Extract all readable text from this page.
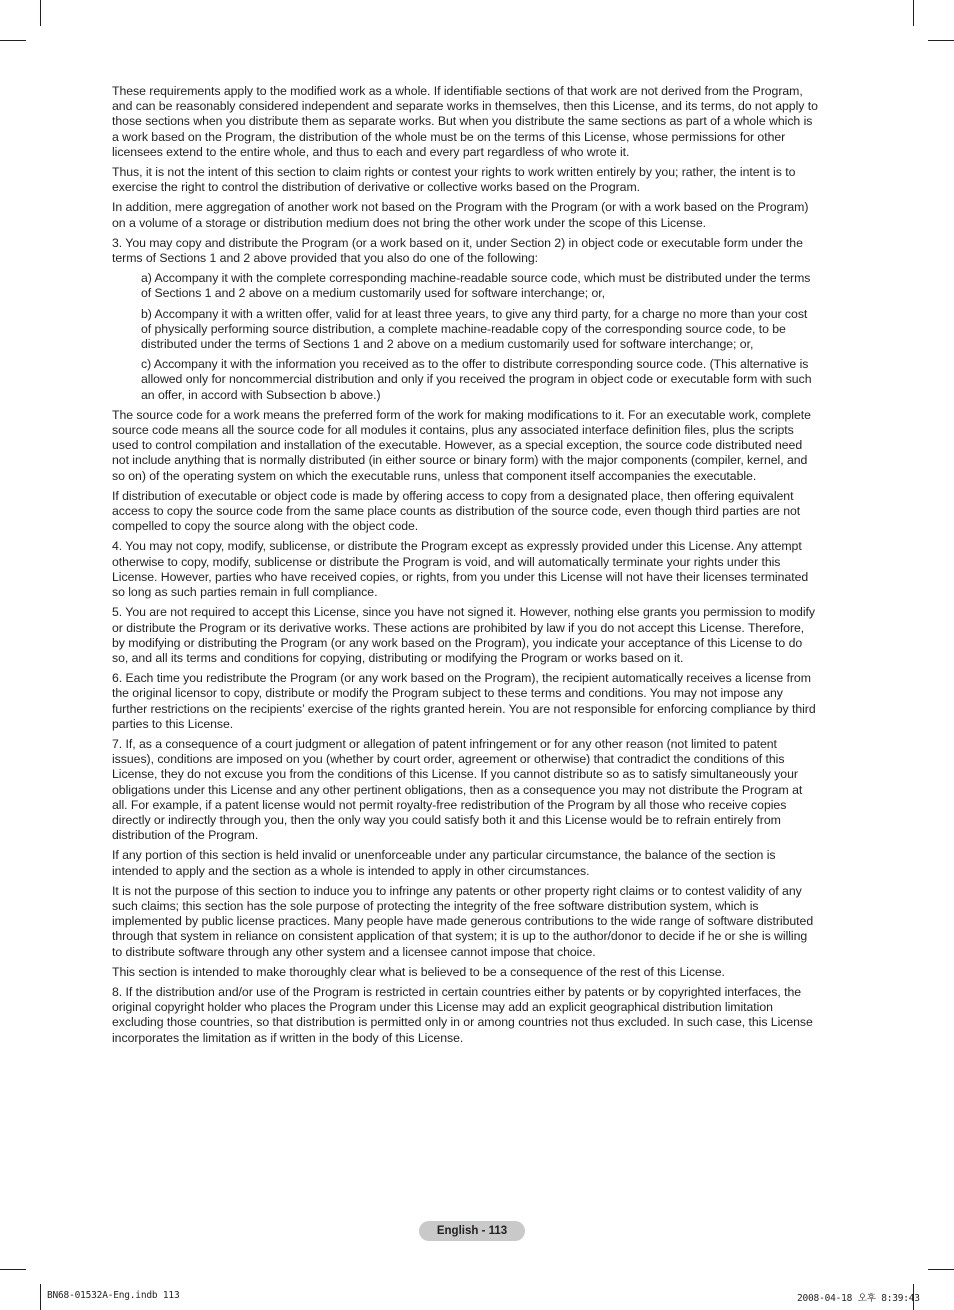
These requirements apply to the modified work as a whole. If identifiable sections of that work are not derived from the Program, and can be reasonably considered independent and separate works in themselves, then this License, and its terms, do not apply to those sections when you distribute them as separate works. But when you distribute the same sections as part of a whole which is a work based on the Program, the distribution of the whole must be on the terms of this License, whose permissions for other licensees extend to the entire whole, and thus to each and every part regardless of who wrote it.

Thus, it is not the intent of this section to claim rights or contest your rights to work written entirely by you; rather, the intent is to exercise the right to control the distribution of derivative or collective works based on the Program.

In addition, mere aggregation of another work not based on the Program with the Program (or with a work based on the Program) on a volume of a storage or distribution medium does not bring the other work under the scope of this License.

3. You may copy and distribute the Program (or a work based on it, under Section 2) in object code or executable form under the terms of Sections 1 and 2 above provided that you also do one of the following:

a) Accompany it with the complete corresponding machine-readable source code, which must be distributed under the terms of Sections 1 and 2 above on a medium customarily used for software interchange; or,

b) Accompany it with a written offer, valid for at least three years, to give any third party, for a charge no more than your cost of physically performing source distribution, a complete machine-readable copy of the corresponding source code, to be distributed under the terms of Sections 1 and 2 above on a medium customarily used for software interchange; or,

c) Accompany it with the information you received as to the offer to distribute corresponding source code. (This alternative is allowed only for noncommercial distribution and only if you received the program in object code or executable form with such an offer, in accord with Subsection b above.)

The source code for a work means the preferred form of the work for making modifications to it. For an executable work, complete source code means all the source code for all modules it contains, plus any associated interface definition files, plus the scripts used to control compilation and installation of the executable. However, as a special exception, the source code distributed need not include anything that is normally distributed (in either source or binary form) with the major components (compiler, kernel, and so on) of the operating system on which the executable runs, unless that component itself accompanies the executable.

If distribution of executable or object code is made by offering access to copy from a designated place, then offering equivalent access to copy the source code from the same place counts as distribution of the source code, even though third parties are not compelled to copy the source along with the object code.

4. You may not copy, modify, sublicense, or distribute the Program except as expressly provided under this License. Any attempt otherwise to copy, modify, sublicense or distribute the Program is void, and will automatically terminate your rights under this License. However, parties who have received copies, or rights, from you under this License will not have their licenses terminated so long as such parties remain in full compliance.

5. You are not required to accept this License, since you have not signed it. However, nothing else grants you permission to modify or distribute the Program or its derivative works. These actions are prohibited by law if you do not accept this License. Therefore, by modifying or distributing the Program (or any work based on the Program), you indicate your acceptance of this License to do so, and all its terms and conditions for copying, distributing or modifying the Program or works based on it.

6. Each time you redistribute the Program (or any work based on the Program), the recipient automatically receives a license from the original licensor to copy, distribute or modify the Program subject to these terms and conditions. You may not impose any further restrictions on the recipients’ exercise of the rights granted herein. You are not responsible for enforcing compliance by third parties to this License.

7. If, as a consequence of a court judgment or allegation of patent infringement or for any other reason (not limited to patent issues), conditions are imposed on you (whether by court order, agreement or otherwise) that contradict the conditions of this License, they do not excuse you from the conditions of this License. If you cannot distribute so as to satisfy simultaneously your obligations under this License and any other pertinent obligations, then as a consequence you may not distribute the Program at all. For example, if a patent license would not permit royalty-free redistribution of the Program by all those who receive copies directly or indirectly through you, then the only way you could satisfy both it and this License would be to refrain entirely from distribution of the Program.

If any portion of this section is held invalid or unenforceable under any particular circumstance, the balance of the section is intended to apply and the section as a whole is intended to apply in other circumstances.

It is not the purpose of this section to induce you to infringe any patents or other property right claims or to contest validity of any such claims; this section has the sole purpose of protecting the integrity of the free software distribution system, which is implemented by public license practices. Many people have made generous contributions to the wide range of software distributed through that system in reliance on consistent application of that system; it is up to the author/donor to decide if he or she is willing to distribute software through any other system and a licensee cannot impose that choice.

This section is intended to make thoroughly clear what is believed to be a consequence of the rest of this License.

8. If the distribution and/or use of the Program is restricted in certain countries either by patents or by copyrighted interfaces, the original copyright holder who places the Program under this License may add an explicit geographical distribution limitation excluding those countries, so that distribution is permitted only in or among countries not thus excluded. In such case, this License incorporates the limitation as if written in the body of this License.

English - 113
BN68-01532A-Eng.indb 113	2008-04-18 오후 8:39:43
